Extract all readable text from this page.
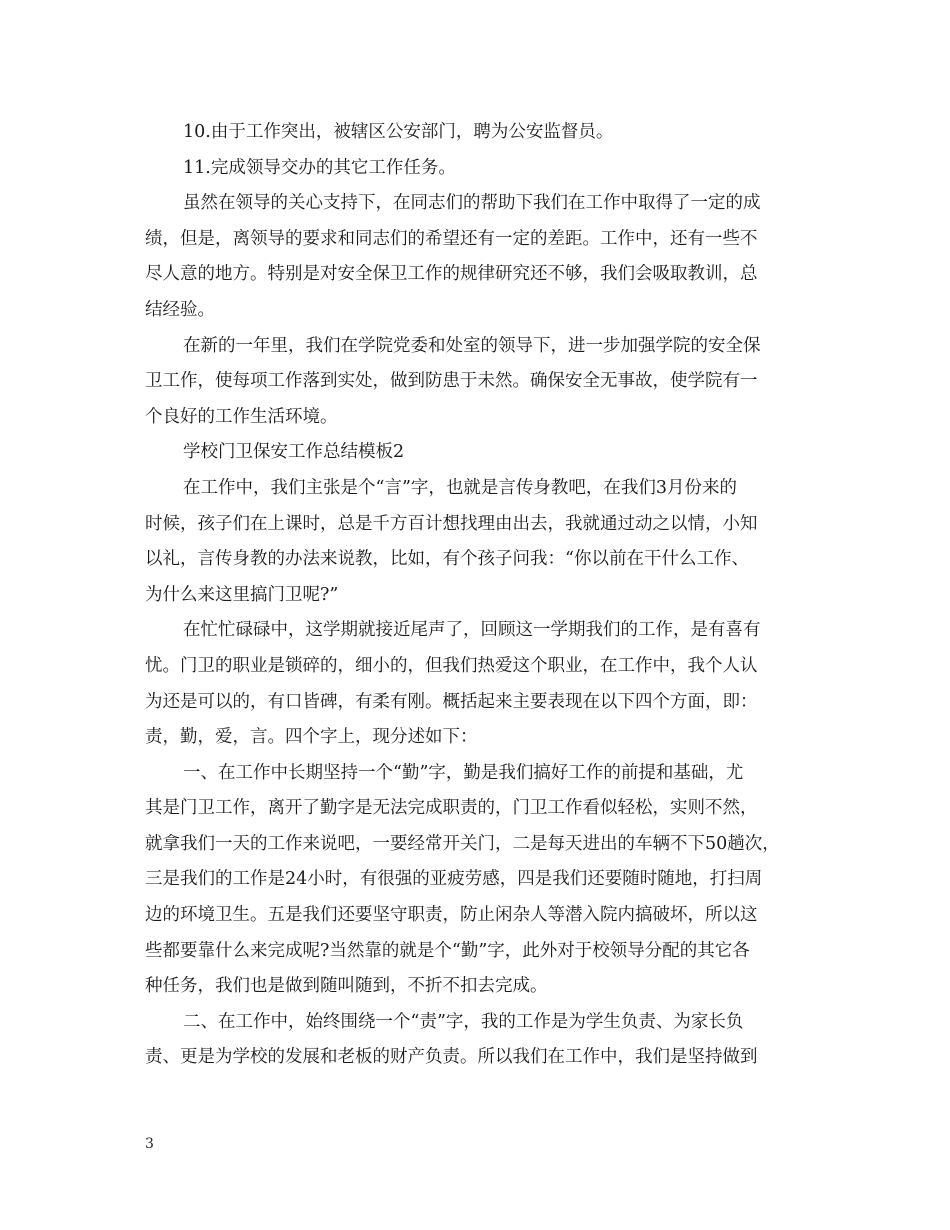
10.由于工作突出，被辖区公安部门，聘为公安监督员。
11.完成领导交办的其它工作任务。
虽然在领导的关心支持下，在同志们的帮助下我们在工作中取得了一定的成
绩，但是，离领导的要求和同志们的希望还有一定的差距。工作中，还有一些不
尽人意的地方。特别是对安全保卫工作的规律研究还不够，我们会吸取教训，总
结经验。
在新的一年里，我们在学院党委和处室的领导下，进一步加强学院的安全保
卫工作，使每项工作落到实处，做到防患于未然。确保安全无事故，使学院有一
个良好的工作生活环境。
学校门卫保安工作总结模板2
在工作中，我们主张是个“言”字，也就是言传身教吧，在我们3月份来的
时候，孩子们在上课时，总是千方百计想找理由出去，我就通过动之以情，小知
以礼，言传身教的办法来说教，比如，有个孩子问我：“你以前在干什么工作、
为什么来这里搞门卫呢?”
在忙忙碌碌中，这学期就接近尾声了，回顾这一学期我们的工作，是有喜有
忧。门卫的职业是锁碎的，细小的，但我们热爱这个职业，在工作中，我个人认
为还是可以的，有口皆碑，有柔有刚。概括起来主要表现在以下四个方面，即：
责，勤，爱，言。四个字上，现分述如下：
一、在工作中长期坚持一个“勤”字，勤是我们搞好工作的前提和基础，尤
其是门卫工作，离开了勤字是无法完成职责的，门卫工作看似轻松，实则不然，
就拿我们一天的工作来说吧，一要经常开关门，二是每天进出的车辆不下50趟次，
三是我们的工作是24小时，有很强的亚疲劳感，四是我们还要随时随地，打扫周
边的环境卫生。五是我们还要坚守职责，防止闲杂人等潜入院内搞破坏，所以这
些都要靠什么来完成呢?当然靠的就是个“勤”字，此外对于校领导分配的其它各
种任务，我们也是做到随叫随到，不折不扣去完成。
二、在工作中，始终围绕一个“责”字，我的工作是为学生负责、为家长负
责、更是为学校的发展和老板的财产负责。所以我们在工作中，我们是坚持做到
3
